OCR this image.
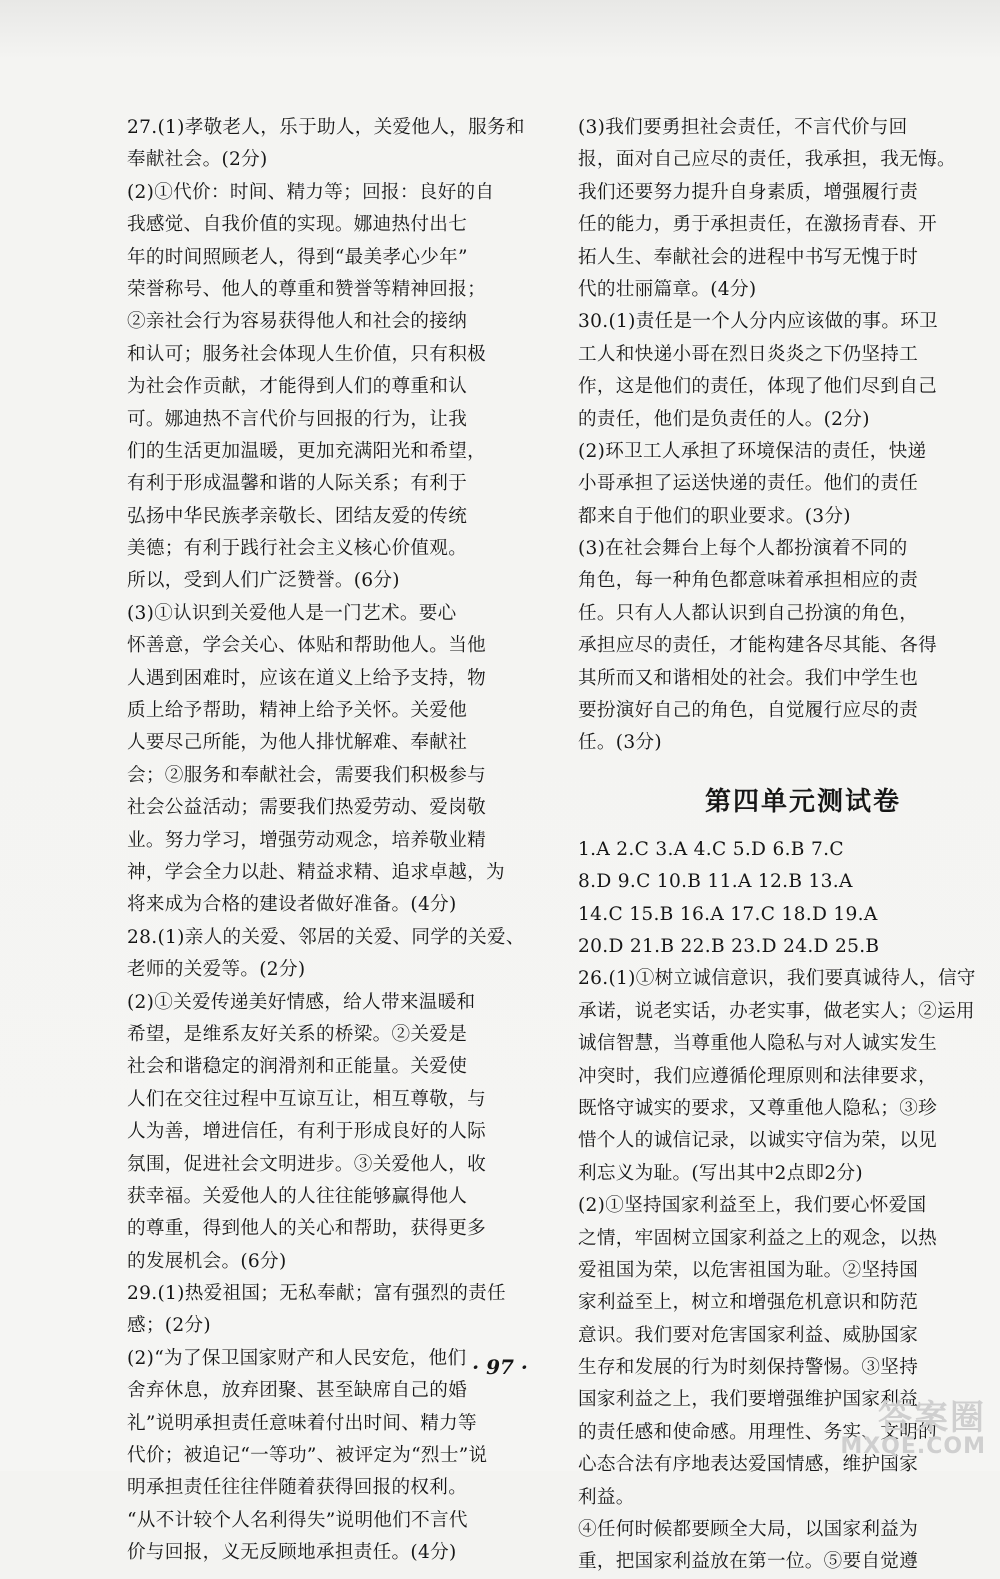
27.(1)孝敬老人，乐于助人，关爱他人，服务和
奉献社会。(2分)
(2)①代价：时间、精力等；回报：良好的自
我感觉、自我价值的实现。娜迪热付出七
年的时间照顾老人，得到“最美孝心少年”
荣誉称号、他人的尊重和赞誉等精神回报；
②亲社会行为容易获得他人和社会的接纳
和认可；服务社会体现人生价值，只有积极
为社会作贡献，才能得到人们的尊重和认
可。娜迪热不言代价与回报的行为，让我
们的生活更加温暖，更加充满阳光和希望，
有利于形成温馨和谐的人际关系；有利于
弘扬中华民族孝亲敬长、团结友爱的传统
美德；有利于践行社会主义核心价值观。
所以，受到人们广泛赞誉。(6分)
(3)①认识到关爱他人是一门艺术。要心
怀善意，学会关心、体贴和帮助他人。当他
人遇到困难时，应该在道义上给予支持，物
质上给予帮助，精神上给予关怀。关爱他
人要尽己所能，为他人排忧解难、奉献社
会；②服务和奉献社会，需要我们积极参与
社会公益活动；需要我们热爱劳动、爱岗敬
业。努力学习，增强劳动观念，培养敬业精
神，学会全力以赴、精益求精、追求卓越，为
将来成为合格的建设者做好准备。(4分)
28.(1)亲人的关爱、邻居的关爱、同学的关爱、
老师的关爱等。(2分)
(2)①关爱传递美好情感，给人带来温暖和
希望，是维系友好关系的桥梁。②关爱是
社会和谐稳定的润滑剂和正能量。关爱使
人们在交往过程中互谅互让，相互尊敬，与
人为善，增进信任，有利于形成良好的人际
氛围，促进社会文明进步。③关爱他人，收
获幸福。关爱他人的人往往能够赢得他人
的尊重，得到他人的关心和帮助，获得更多
的发展机会。(6分)
29.(1)热爱祖国；无私奉献；富有强烈的责任
感；(2分)
(2)“为了保卫国家财产和人民安危，他们
舍弃休息，放弃团聚、甚至缺席自己的婚
礼”说明承担责任意味着付出时间、精力等
代价；被追记“一等功”、被评定为“烈士”说
明承担责任往往伴随着获得回报的权利。
“从不计较个人名利得失”说明他们不言代
价与回报，义无反顾地承担责任。(4分)
(3)我们要勇担社会责任，不言代价与回
报，面对自己应尽的责任，我承担，我无悔。
我们还要努力提升自身素质，增强履行责
任的能力，勇于承担责任，在激扬青春、开
拓人生、奉献社会的进程中书写无愧于时
代的壮丽篇章。(4分)
30.(1)责任是一个人分内应该做的事。环卫
工人和快递小哥在烈日炎炎之下仍坚持工
作，这是他们的责任，体现了他们尽到自己
的责任，他们是负责任的人。(2分)
(2)环卫工人承担了环境保洁的责任，快递
小哥承担了运送快递的责任。他们的责任
都来自于他们的职业要求。(3分)
(3)在社会舞台上每个人都扮演着不同的
角色，每一种角色都意味着承担相应的责
任。只有人人都认识到自己扮演的角色，
承担应尽的责任，才能构建各尽其能、各得
其所而又和谐相处的社会。我们中学生也
要扮演好自己的角色，自觉履行应尽的责
任。(3分)
第四单元测试卷
1.A 2.C 3.A 4.C 5.D 6.B 7.C
8.D 9.C 10.B 11.A 12.B 13.A
14.C 15.B 16.A 17.C 18.D 19.A
20.D 21.B 22.B 23.D 24.D 25.B
26.(1)①树立诚信意识，我们要真诚待人，信守
承诺，说老实话，办老实事，做老实人；②运用
诚信智慧，当尊重他人隐私与对人诚实发生
冲突时，我们应遵循伦理原则和法律要求，
既恪守诚实的要求，又尊重他人隐私；③珍
惜个人的诚信记录，以诚实守信为荣，以见
利忘义为耻。(写出其中2点即2分)
(2)①坚持国家利益至上，我们要心怀爱国
之情，牢固树立国家利益之上的观念，以热
爱祖国为荣，以危害祖国为耻。②坚持国
家利益至上，树立和增强危机意识和防范
意识。我们要对危害国家利益、威胁国家
生存和发展的行为时刻保持警惕。③坚持
国家利益之上，我们要增强维护国家利益
的责任感和使命感。用理性、务实、文明的
心态合法有序地表达爱国情感，维护国家
利益。
④任何时候都要顾全大局，以国家利益为
重，把国家利益放在第一位。⑤要自觉遵
· 97 ·
答案圈
MXQE.COM
